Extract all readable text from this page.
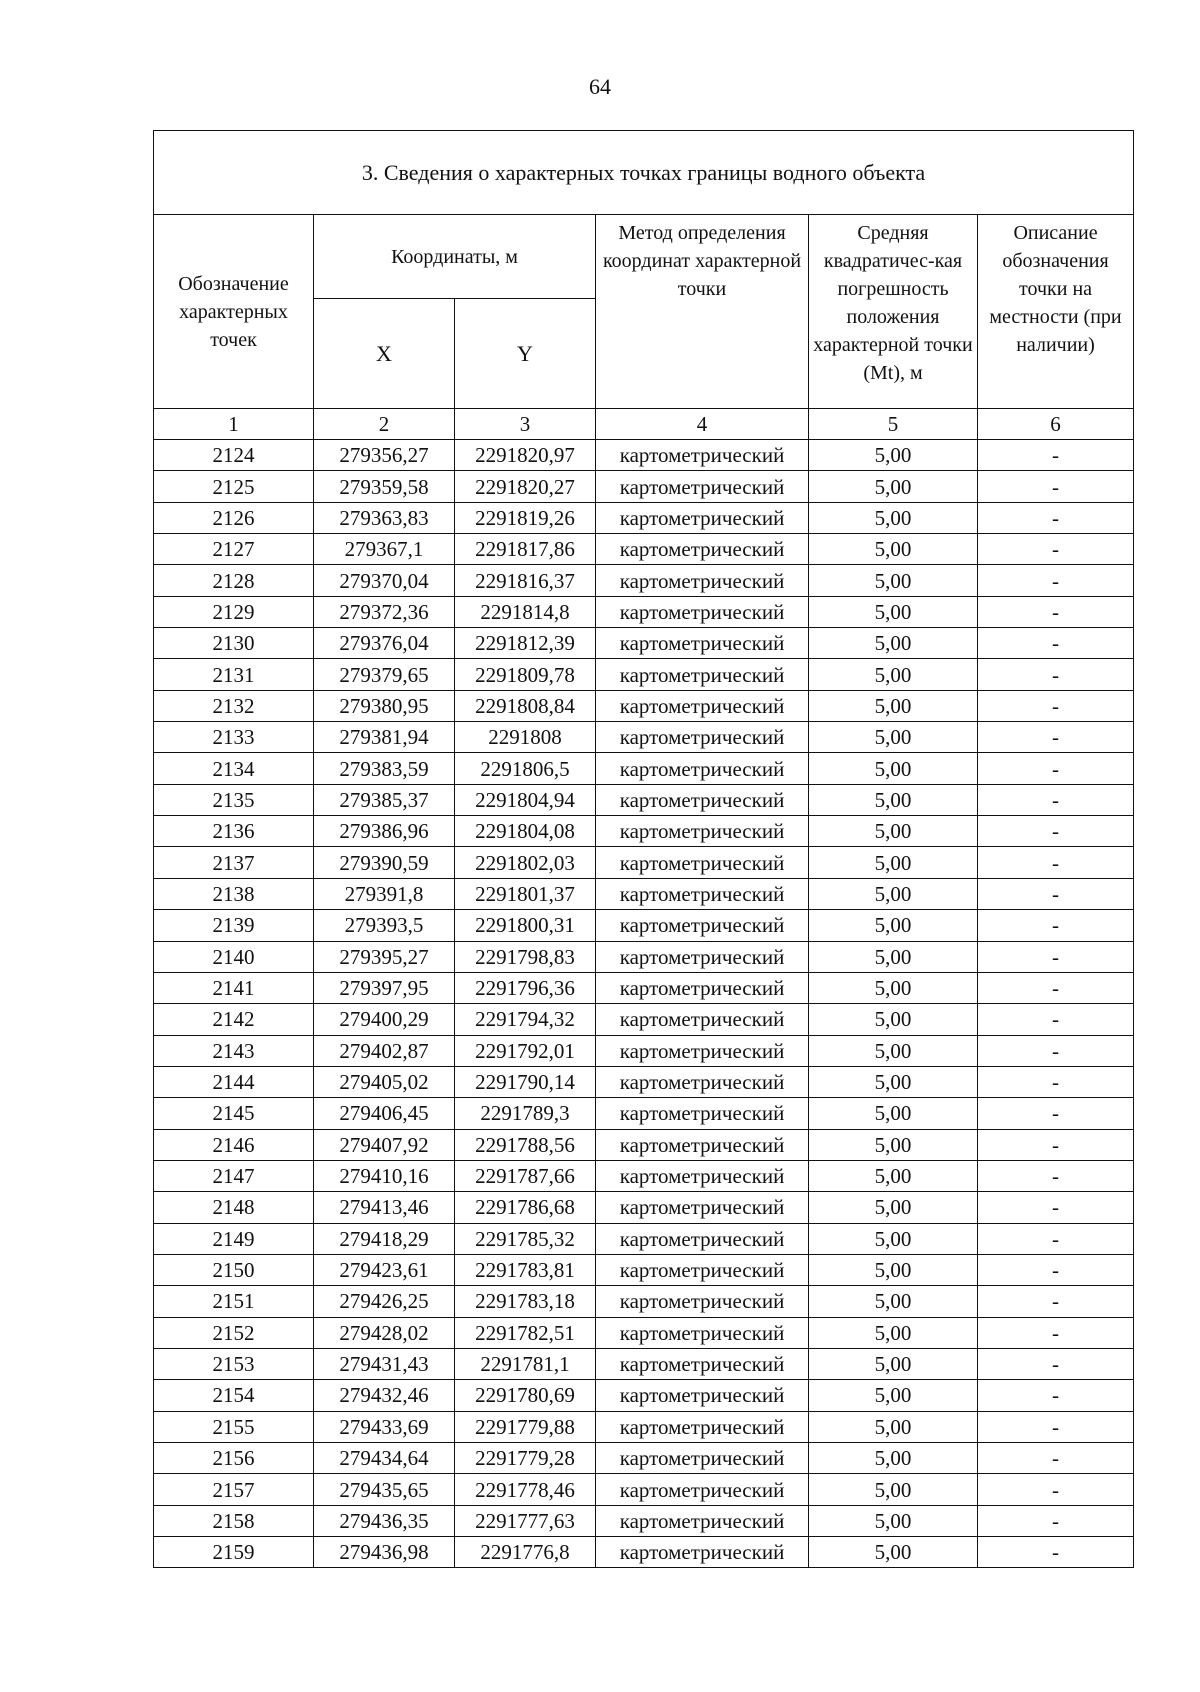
64
3. Сведения о характерных точках границы водного объекта					
Обозначение характерных точек	Координаты, м		Метод определения координат характерной точки	Средняя квадратичес-кая погрешность положения характерной точки (Mt), м	Описание обозначения точки на местности (при наличии)
	X	Y			
1	2	3	4	5	6
2124	279356,27	2291820,97	картометрический	5,00	-
2125	279359,58	2291820,27	картометрический	5,00	-
2126	279363,83	2291819,26	картометрический	5,00	-
2127	279367,1	2291817,86	картометрический	5,00	-
2128	279370,04	2291816,37	картометрический	5,00	-
2129	279372,36	2291814,8	картометрический	5,00	-
2130	279376,04	2291812,39	картометрический	5,00	-
2131	279379,65	2291809,78	картометрический	5,00	-
2132	279380,95	2291808,84	картометрический	5,00	-
2133	279381,94	2291808	картометрический	5,00	-
2134	279383,59	2291806,5	картометрический	5,00	-
2135	279385,37	2291804,94	картометрический	5,00	-
2136	279386,96	2291804,08	картометрический	5,00	-
2137	279390,59	2291802,03	картометрический	5,00	-
2138	279391,8	2291801,37	картометрический	5,00	-
2139	279393,5	2291800,31	картометрический	5,00	-
2140	279395,27	2291798,83	картометрический	5,00	-
2141	279397,95	2291796,36	картометрический	5,00	-
2142	279400,29	2291794,32	картометрический	5,00	-
2143	279402,87	2291792,01	картометрический	5,00	-
2144	279405,02	2291790,14	картометрический	5,00	-
2145	279406,45	2291789,3	картометрический	5,00	-
2146	279407,92	2291788,56	картометрический	5,00	-
2147	279410,16	2291787,66	картометрический	5,00	-
2148	279413,46	2291786,68	картометрический	5,00	-
2149	279418,29	2291785,32	картометрический	5,00	-
2150	279423,61	2291783,81	картометрический	5,00	-
2151	279426,25	2291783,18	картометрический	5,00	-
2152	279428,02	2291782,51	картометрический	5,00	-
2153	279431,43	2291781,1	картометрический	5,00	-
2154	279432,46	2291780,69	картометрический	5,00	-
2155	279433,69	2291779,88	картометрический	5,00	-
2156	279434,64	2291779,28	картометрический	5,00	-
2157	279435,65	2291778,46	картометрический	5,00	-
2158	279436,35	2291777,63	картометрический	5,00	-
2159	279436,98	2291776,8	картометрический	5,00	-
